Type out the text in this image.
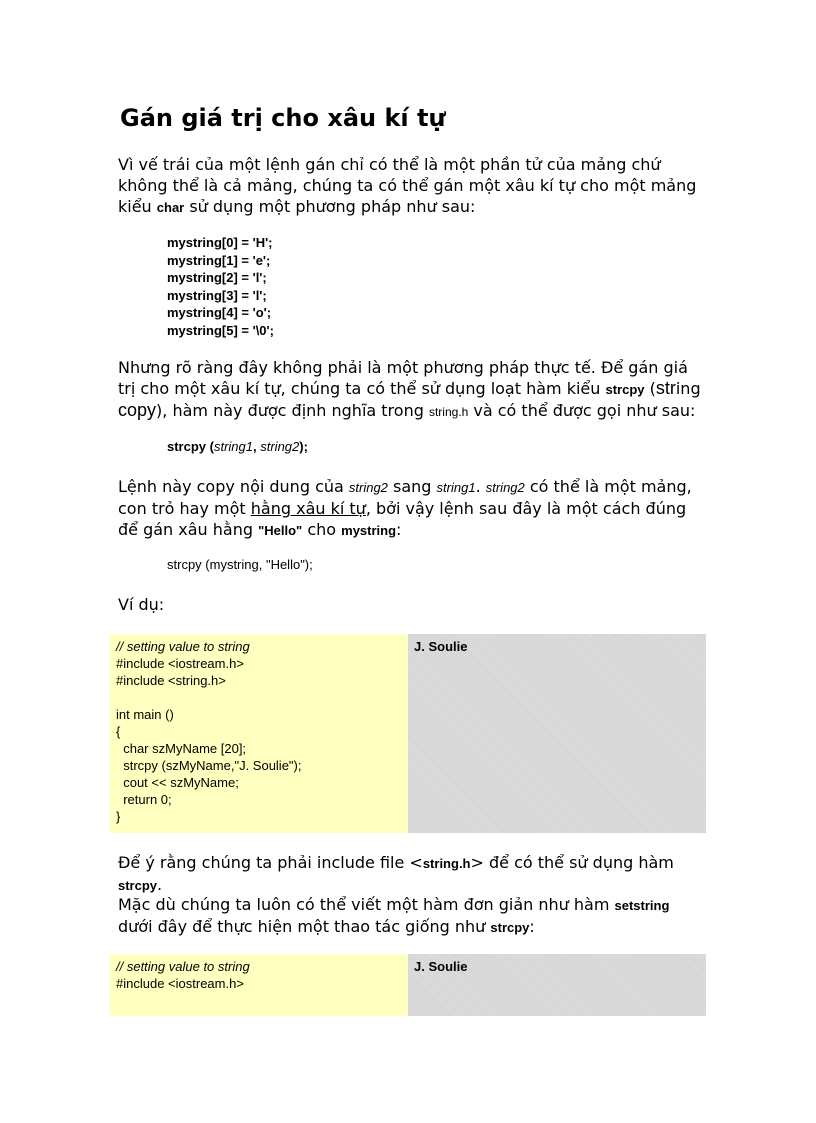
Gán giá trị cho xâu kí tự

Vì vế trái của một lệnh gán chỉ có thể là một phần tử của mảng chứ không thể là cả mảng, chúng ta có thể gán một xâu kí tự cho một mảng kiểu char sử dụng một phương pháp như sau:

mystring[0] = 'H';
mystring[1] = 'e';
mystring[2] = 'l';
mystring[3] = 'l';
mystring[4] = 'o';
mystring[5] = '\0';

Nhưng rõ ràng đây không phải là một phương pháp thực tế. Để gán giá trị cho một xâu kí tự, chúng ta có thể sử dụng loạt hàm kiểu strcpy (string copy), hàm này được định nghĩa trong string.h và có thể được gọi như sau:

strcpy (string1, string2);

Lệnh này copy nội dung của string2 sang string1. string2 có thể là một mảng, con trỏ hay một hằng xâu kí tự, bởi vậy lệnh sau đây là một cách đúng để gán xâu hằng "Hello" cho mystring:

strcpy (mystring, "Hello");

Ví dụ:

// setting value to string
#include <iostream.h>
#include <string.h>

int main ()
{
char szMyName [20];
strcpy (szMyName,"J. Soulie");
cout << szMyName;
return 0;
}
J. Soulie

Để ý rằng chúng ta phải include file <string.h> để có thể sử dụng hàm strcpy.

Mặc dù chúng ta luôn có thể viết một hàm đơn giản như hàm setstring dưới đây để thực hiện một thao tác giống như strcpy:

// setting value to string
#include <iostream.h>
J. Soulie
